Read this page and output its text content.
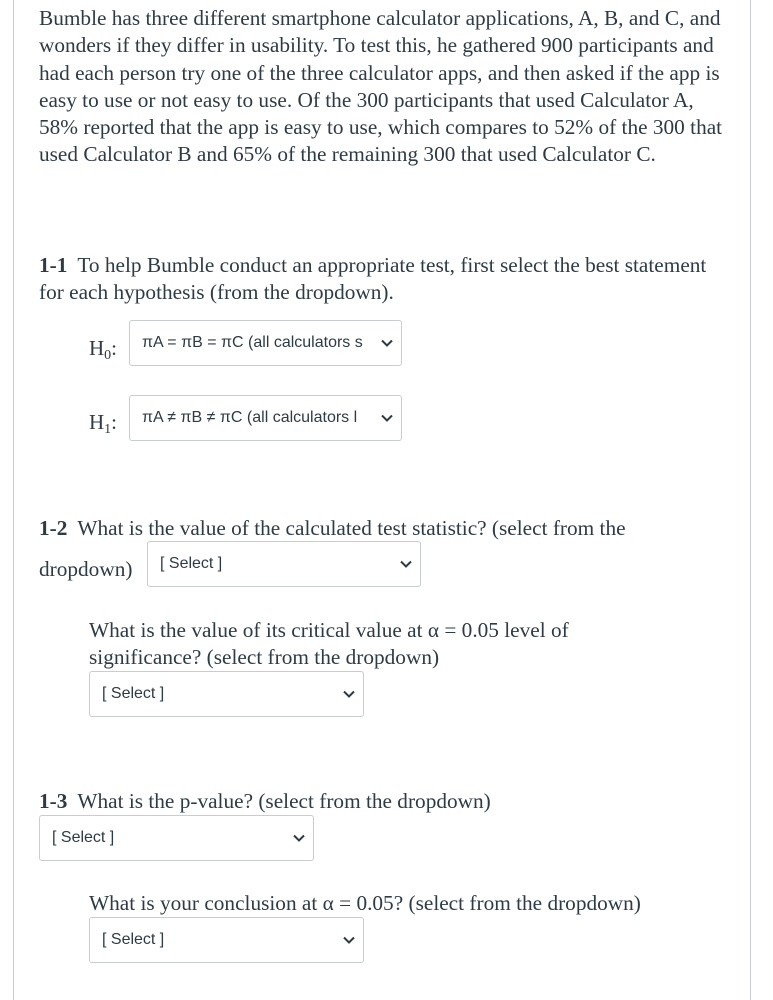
Bumble has three different smartphone calculator applications, A, B, and C, and wonders if they differ in usability. To test this, he gathered 900 participants and had each person try one of the three calculator apps, and then asked if the app is easy to use or not easy to use. Of the 300 participants that used Calculator A, 58% reported that the app is easy to use, which compares to 52% of the 300 that used Calculator B and 65% of the remaining 300 that used Calculator C.
1-1 To help Bumble conduct an appropriate test, first select the best statement for each hypothesis (from the dropdown).
$H_0$:	πA = πB = πC (all calculators s
$H_1$:	πA ≠ πB ≠ πC (all calculators l
1-2 What is the value of the calculated test statistic? (select from the
dropdown)	[ Select ]
What is the value of its critical value at α = 0.05 level of significance? (select from the dropdown)
[ Select ]
1-3 What is the p-value? (select from the dropdown)
[ Select ]
What is your conclusion at α = 0.05? (select from the dropdown)
[ Select ]
